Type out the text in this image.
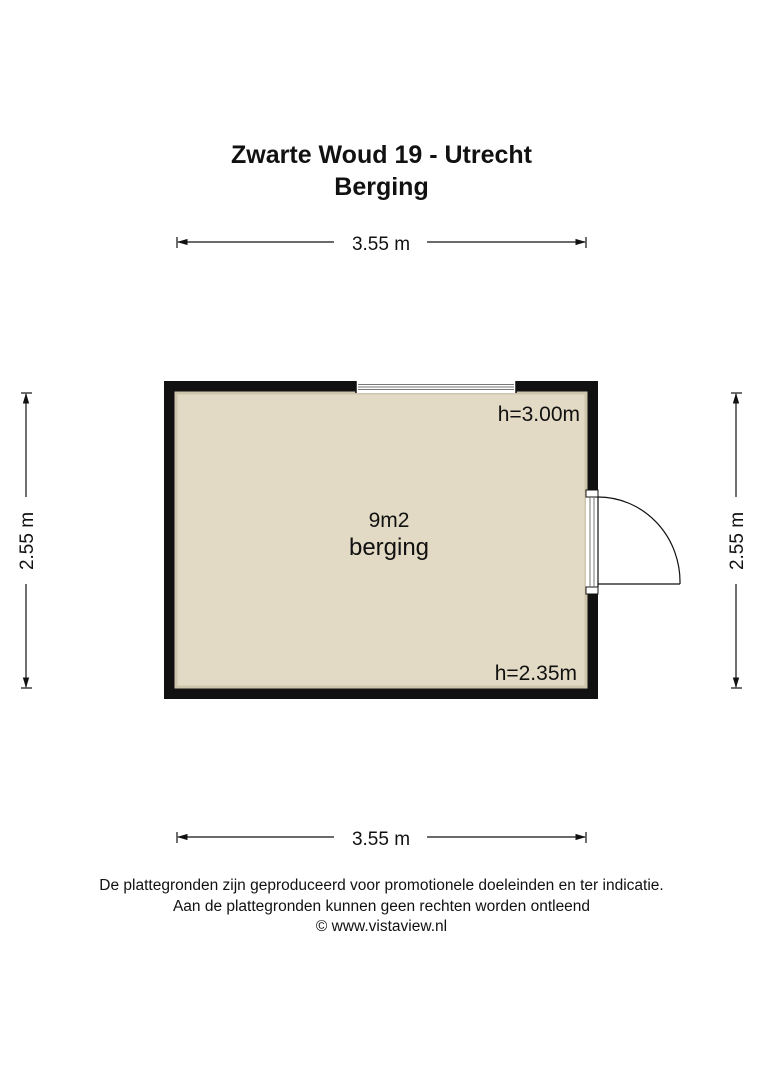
Zwarte Woud 19 - Utrecht
Berging
3.55 m
3.55 m
2.55 m	2.55 m
9m2
berging
h=3.00m
h=2.35m
De plattegronden zijn geproduceerd voor promotionele doeleinden en ter indicatie.
Aan de plattegronden kunnen geen rechten worden ontleend
© www.vistaview.nl
